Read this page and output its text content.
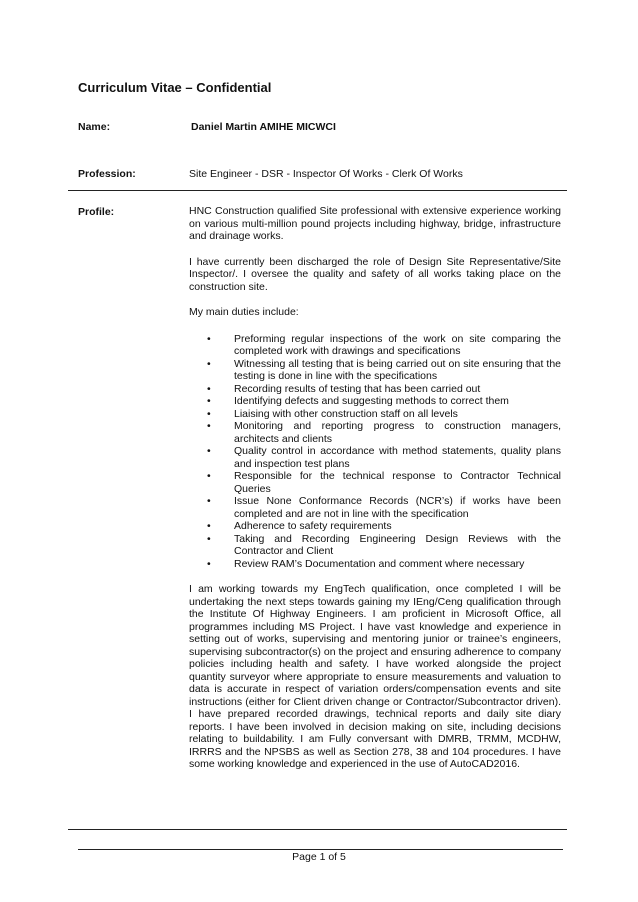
Curriculum Vitae – Confidential
Name:	Daniel Martin AMIHE MICWCI
Profession:	Site Engineer - DSR - Inspector Of Works - Clerk Of Works
Profile:	HNC Construction qualified Site professional with extensive experience working on various multi-million pound projects including highway, bridge, infrastructure and drainage works.

I have currently been discharged the role of Design Site Representative/Site Inspector/. I oversee the quality and safety of all works taking place on the construction site.

My main duties include:

• Preforming regular inspections of the work on site comparing the completed work with drawings and specifications
• Witnessing all testing that is being carried out on site ensuring that the testing is done in line with the specifications
• Recording results of testing that has been carried out
• Identifying defects and suggesting methods to correct them
• Liaising with other construction staff on all levels
• Monitoring and reporting progress to construction managers, architects and clients
• Quality control in accordance with method statements, quality plans and inspection test plans
• Responsible for the technical response to Contractor Technical Queries
• Issue None Conformance Records (NCR’s) if works have been completed and are not in line with the specification
• Adherence to safety requirements
• Taking and Recording Engineering Design Reviews with the Contractor and Client
• Review RAM’s Documentation and comment where necessary

I am working towards my EngTech qualification, once completed I will be undertaking the next steps towards gaining my IEng/Ceng qualification through the Institute Of Highway Engineers. I am proficient in Microsoft Office, all programmes including MS Project. I have vast knowledge and experience in setting out of works, supervising and mentoring junior or trainee’s engineers, supervising subcontractor(s) on the project and ensuring adherence to company policies including health and safety. I have worked alongside the project quantity surveyor where appropriate to ensure measurements and valuation to data is accurate in respect of variation orders/compensation events and site instructions (either for Client driven change or Contractor/Subcontractor driven). I have prepared recorded drawings, technical reports and daily site diary reports. I have been involved in decision making on site, including decisions relating to buildability. I am Fully conversant with DMRB, TRMM, MCDHW, IRRRS and the NPSBS as well as Section 278, 38 and 104 procedures. I have some working knowledge and experienced in the use of AutoCAD2016.

Page 1 of 5
